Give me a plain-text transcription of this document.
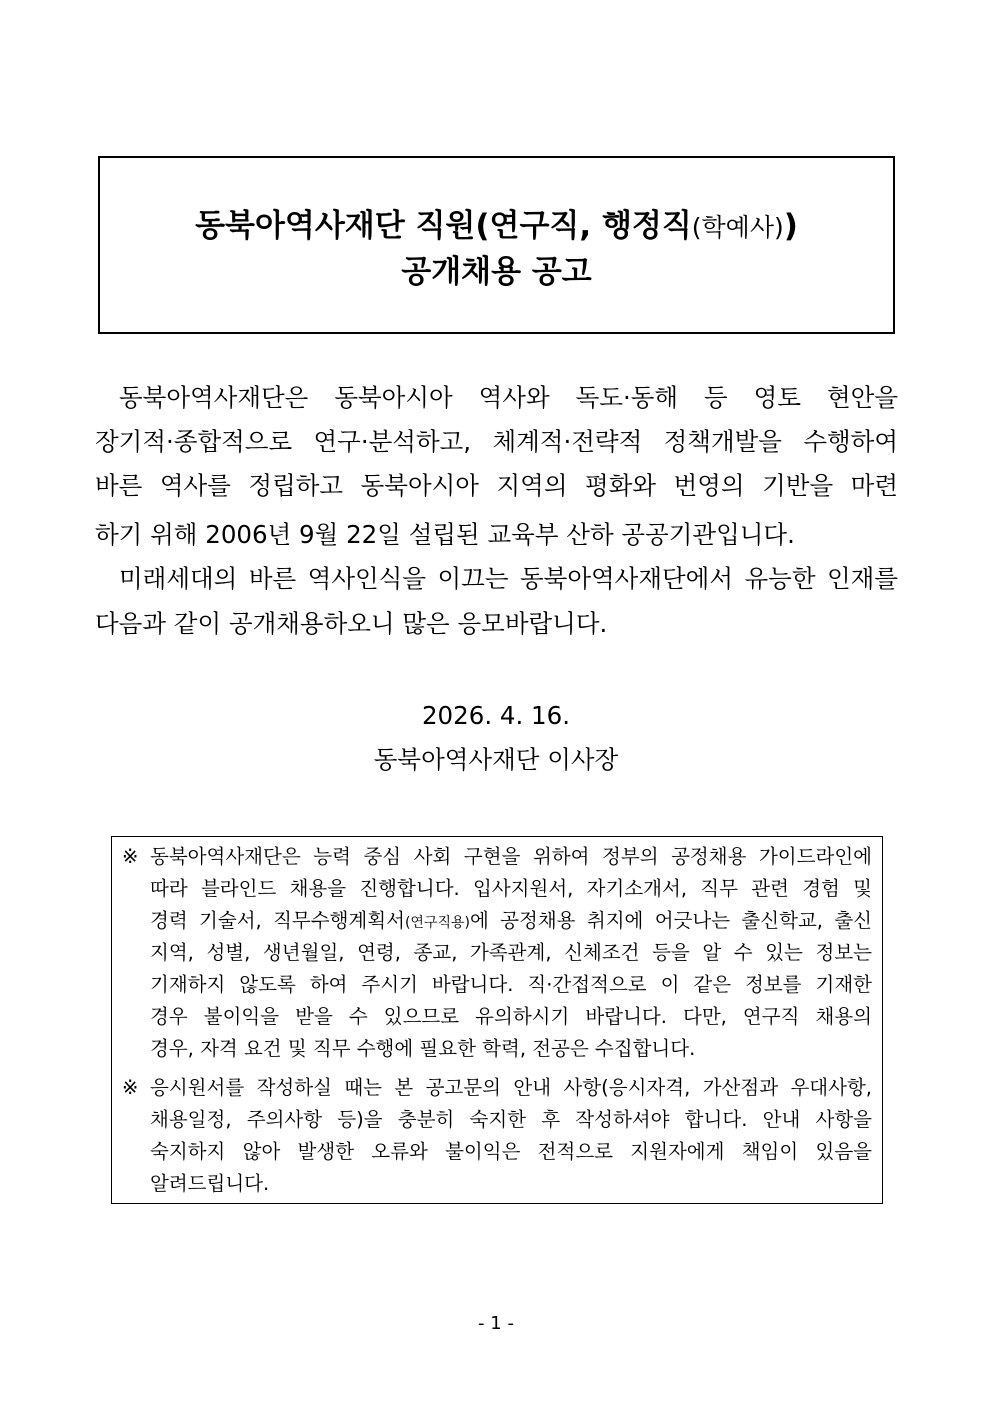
동북아역사재단 직원(연구직, 행정직(학예사))
공개채용 공고
동북아역사재단은 동북아시아 역사와 독도·동해 등 영토 현안을
장기적·종합적으로 연구·분석하고, 체계적·전략적 정책개발을 수행하여
바른 역사를 정립하고 동북아시아 지역의 평화와 번영의 기반을 마련
하기 위해 2006년 9월 22일 설립된 교육부 산하 공공기관입니다.
미래세대의 바른 역사인식을 이끄는 동북아역사재단에서 유능한 인재를
다음과 같이 공개채용하오니 많은 응모바랍니다.
2026. 4. 16.
동북아역사재단 이사장
※ 동북아역사재단은 능력 중심 사회 구현을 위하여 정부의 공정채용 가이드라인에
따라 블라인드 채용을 진행합니다. 입사지원서, 자기소개서, 직무 관련 경험 및
경력 기술서, 직무수행계획서(연구직용)에 공정채용 취지에 어긋나는 출신학교, 출신
지역, 성별, 생년월일, 연령, 종교, 가족관계, 신체조건 등을 알 수 있는 정보는
기재하지 않도록 하여 주시기 바랍니다. 직·간접적으로 이 같은 정보를 기재한
경우 불이익을 받을 수 있으므로 유의하시기 바랍니다. 다만, 연구직 채용의
경우, 자격 요건 및 직무 수행에 필요한 학력, 전공은 수집합니다.
※ 응시원서를 작성하실 때는 본 공고문의 안내 사항(응시자격, 가산점과 우대사항,
채용일정, 주의사항 등)을 충분히 숙지한 후 작성하셔야 합니다. 안내 사항을
숙지하지 않아 발생한 오류와 불이익은 전적으로 지원자에게 책임이 있음을
알려드립니다.
- 1 -
